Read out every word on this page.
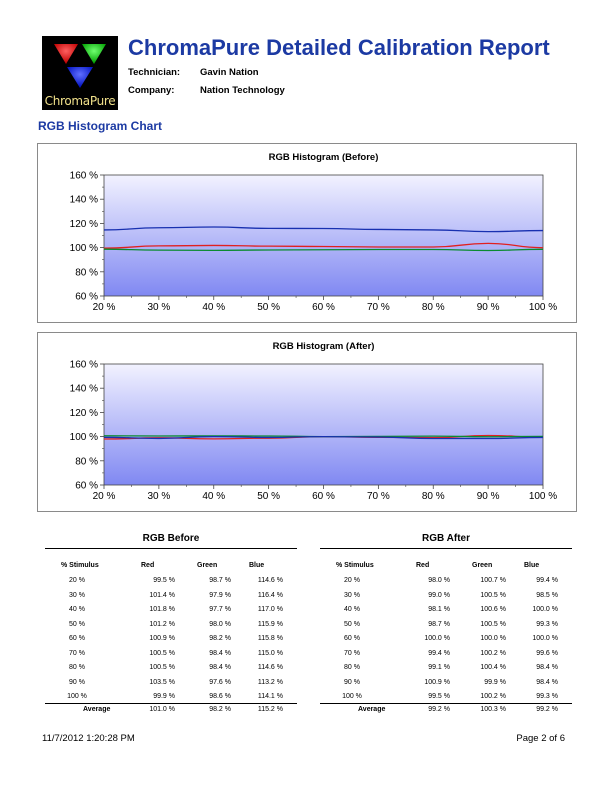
ChromaPure
ChromaPure Detailed Calibration Report
Technician: Gavin Nation
Company:	Nation Technology
RGB Histogram Chart
RGB Histogram (Before)
60 %
80 %
100 %
120 %
140 %
160 %
20 %	30 %	40 %	50 %	60 %	70 %	80 %	90 %	100 %
RGB Histogram (After)
60 %
80 %
100 %
120 %
140 %
160 %
20 %	30 %	40 %	50 %	60 %	70 %	80 %	90 %	100 %
RGB Before
% Stimulus	Red	Green	Blue
20 %	99.5 %	98.7 %	114.6 %
30 %	101.4 %	97.9 %	116.4 %
40 %	101.8 %	97.7 %	117.0 %
50 %	101.2 %	98.0 %	115.9 %
60 %	100.9 %	98.2 %	115.8 %
70 %	100.5 %	98.4 %	115.0 %
80 %	100.5 %	98.4 %	114.6 %
90 %	103.5 %	97.6 %	113.2 %
100 %	99.9 %	98.6 %	114.1 %
Average	101.0 %	98.2 %	115.2 %
RGB After
% Stimulus	Red	Green	Blue
20 %	98.0 %	100.7 %	99.4 %
30 %	99.0 %	100.5 %	98.5 %
40 %	98.1 %	100.6 %	100.0 %
50 %	98.7 %	100.5 %	99.3 %
60 %	100.0 %	100.0 %	100.0 %
70 %	99.4 %	100.2 %	99.6 %
80 %	99.1 %	100.4 %	98.4 %
90 %	100.9 %	99.9 %	98.4 %
100 %	99.5 %	100.2 %	99.3 %
Average	99.2 %	100.3 %	99.2 %
11/7/2012 1:20:28 PM	Page 2 of 6
